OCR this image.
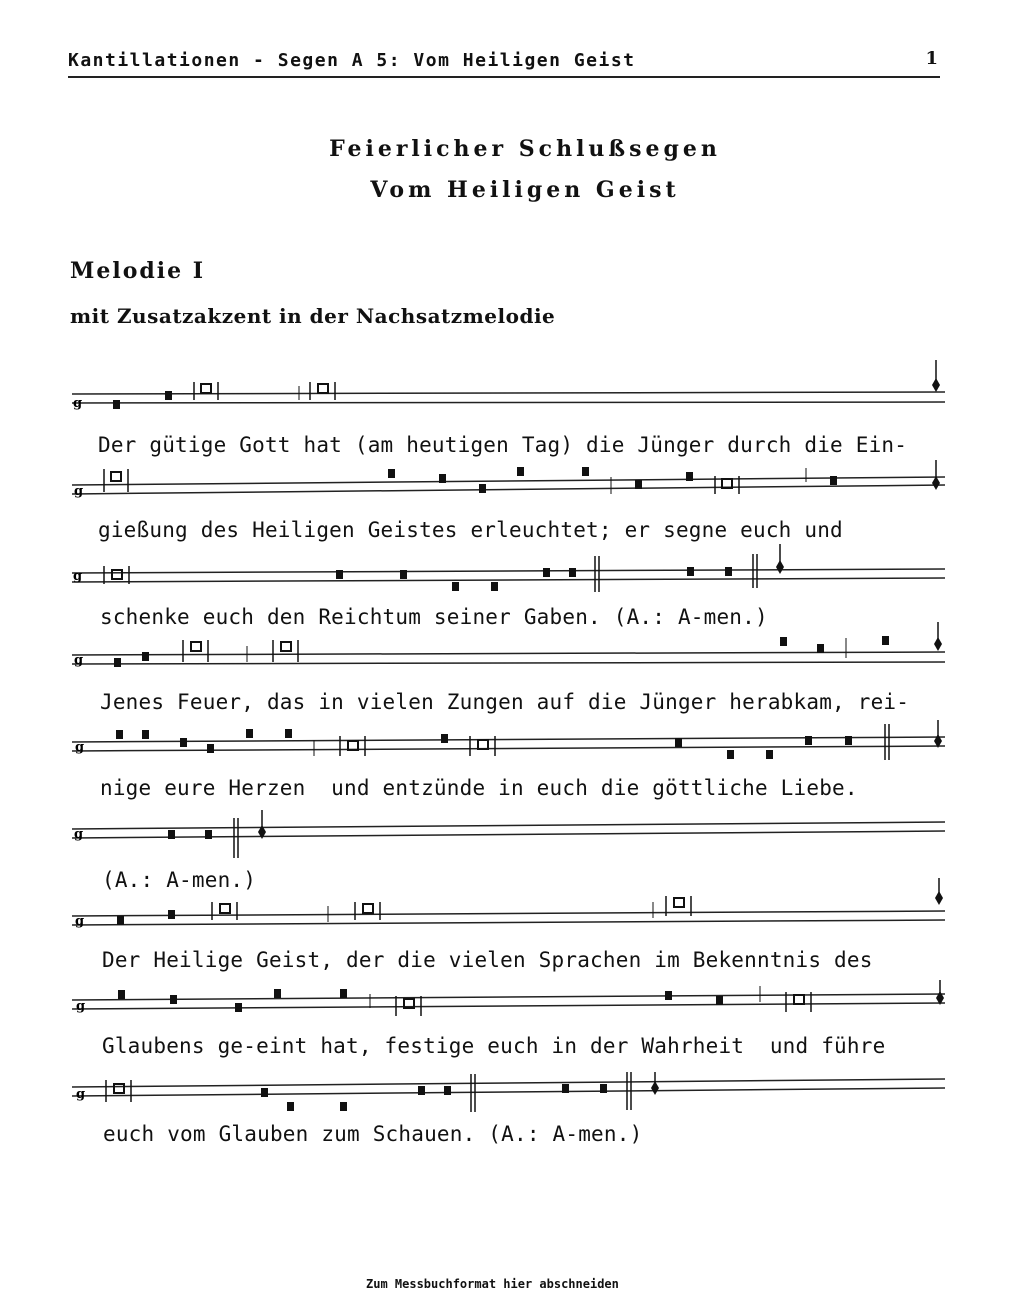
Kantillationen - Segen A 5: Vom Heiligen Geist	1
Feierlicher Schlußsegen
Vom Heiligen Geist
Melodie I
mit Zusatzakzent in der Nachsatzmelodie
g
Der gütige Gott hat (am heutigen Tag) die Jünger durch die Ein-
g
gießung des Heiligen Geistes erleuchtet; er segne euch und
g
schenke euch den Reichtum seiner Gaben. (A.: A-men.)
g
Jenes Feuer, das in vielen Zungen auf die Jünger herabkam, rei-
g
nige eure Herzen  und entzünde in euch die göttliche Liebe.
g
(A.: A-men.)
g
Der Heilige Geist, der die vielen Sprachen im Bekenntnis des
g
Glaubens ge-eint hat, festige euch in der Wahrheit  und führe
g
euch vom Glauben zum Schauen. (A.: A-men.)
Zum Messbuchformat hier abschneiden
